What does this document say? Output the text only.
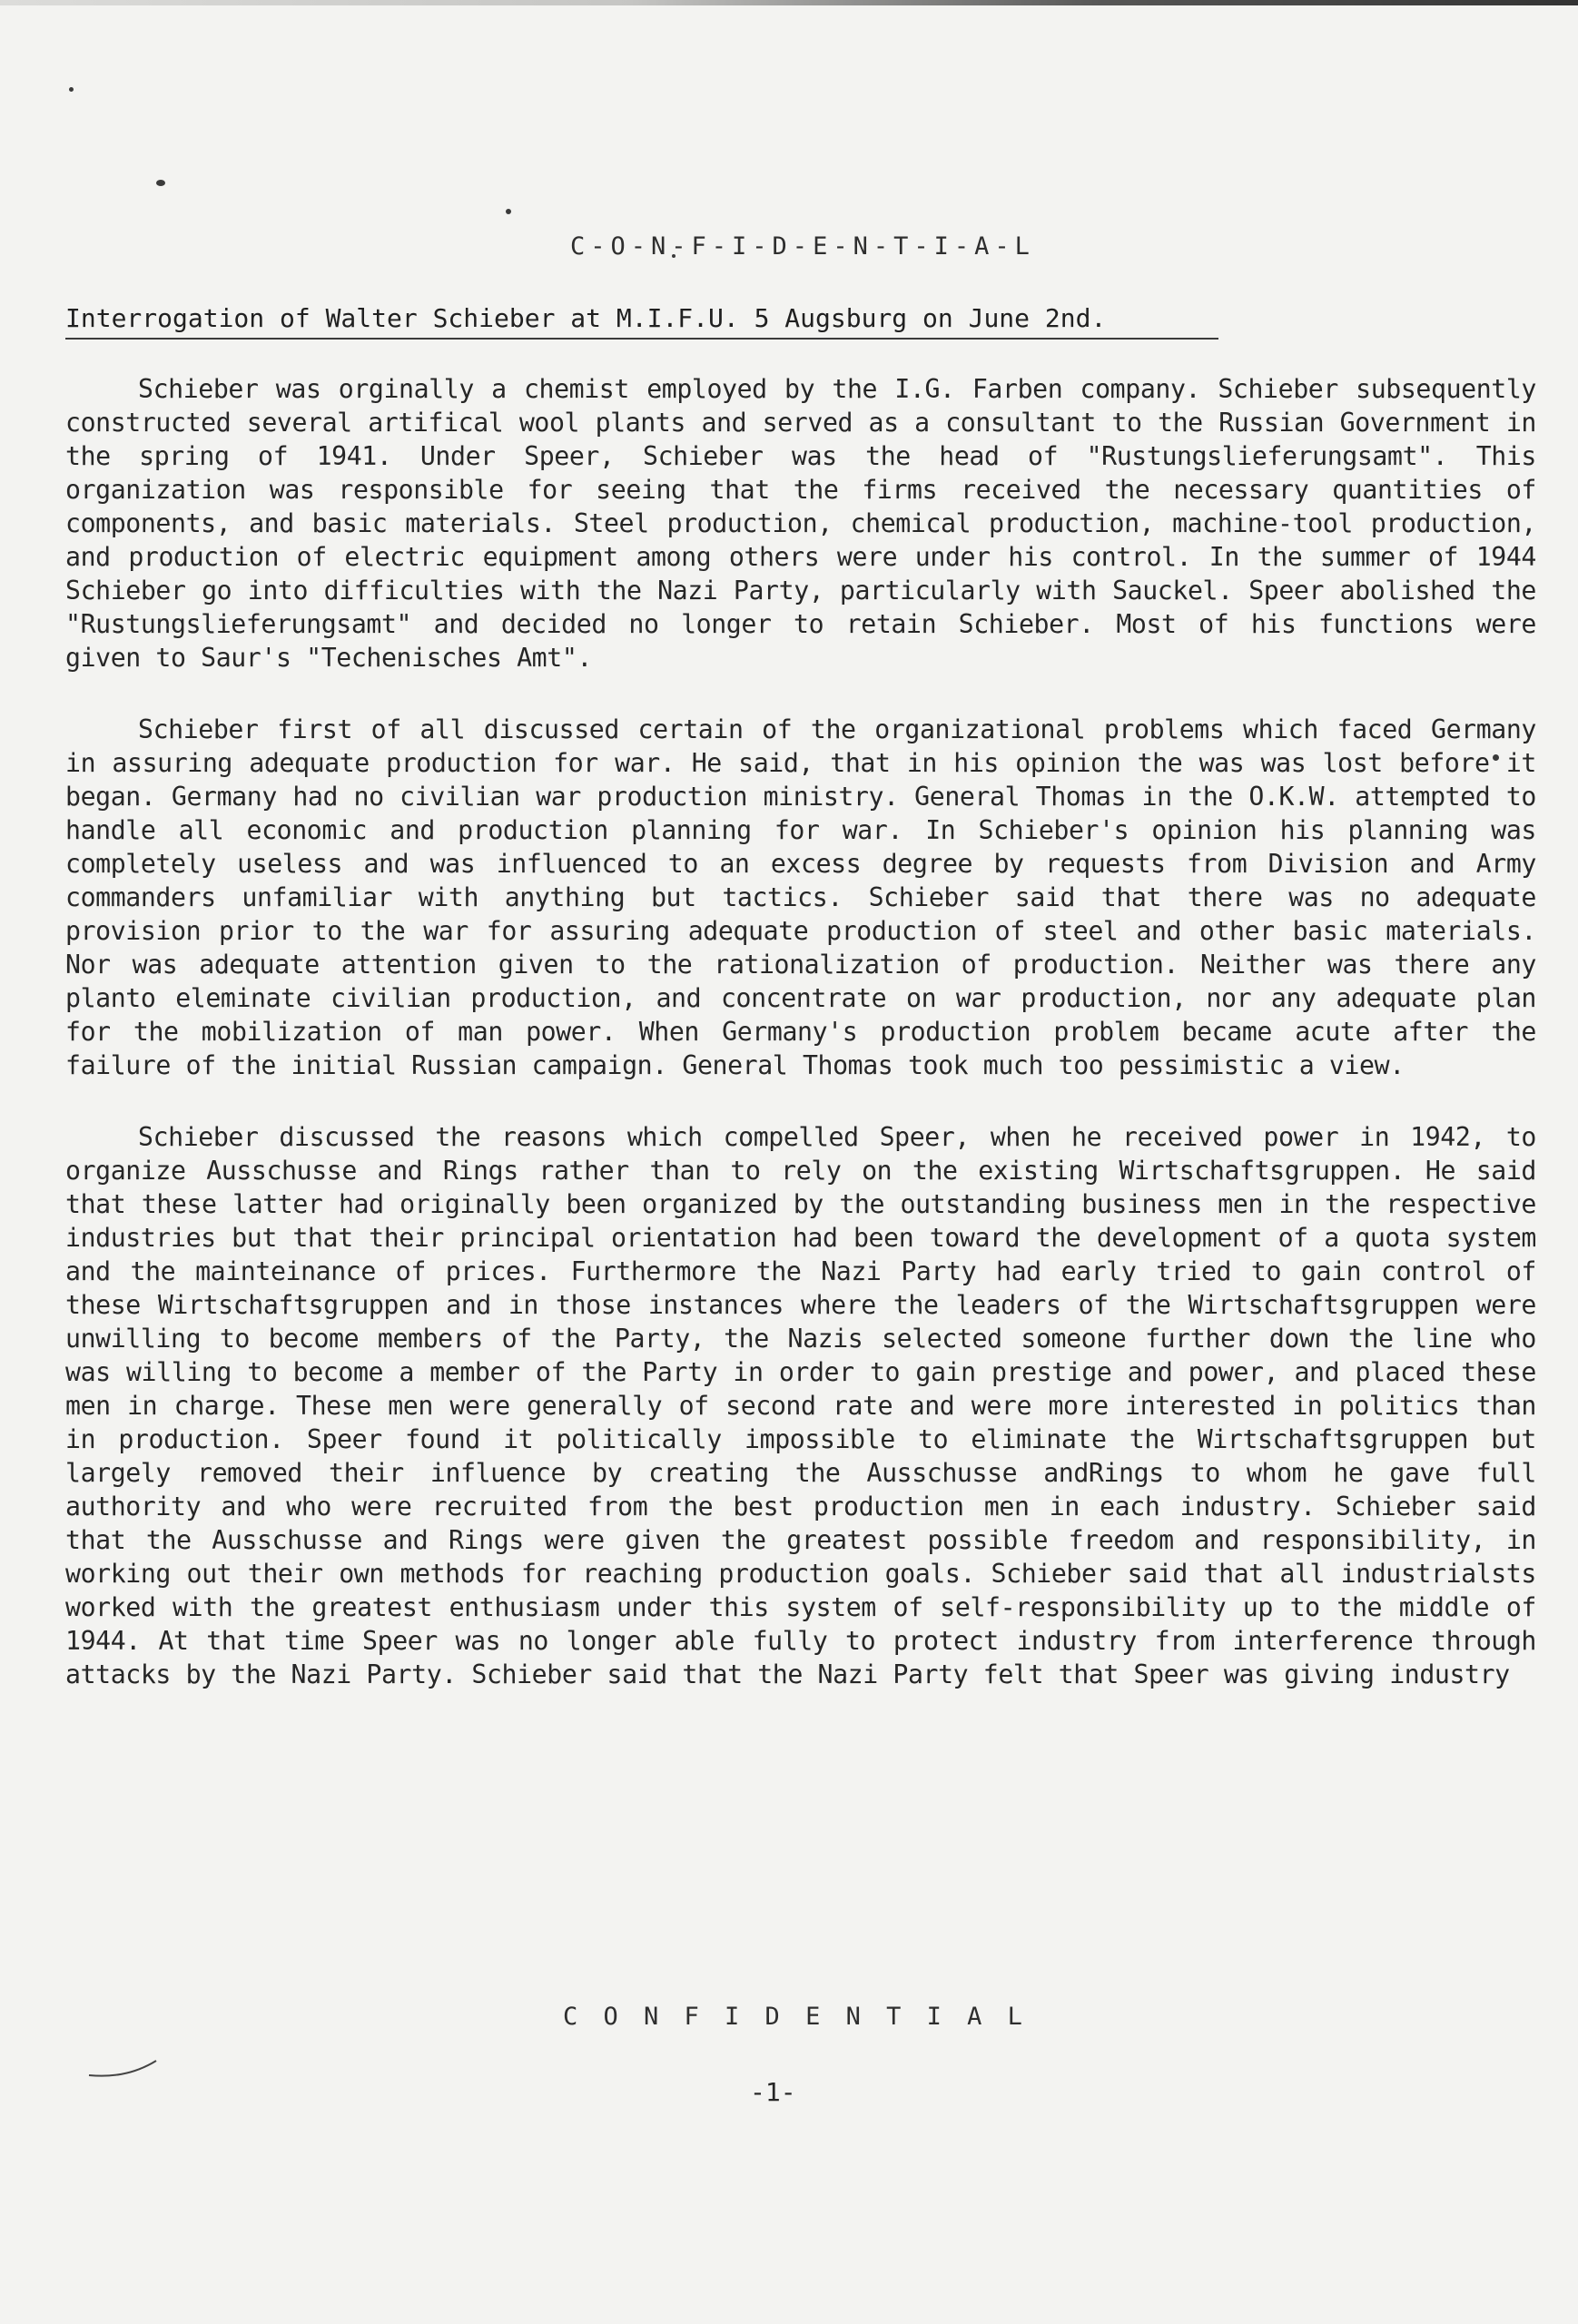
C-O-N-F-I-D-E-N-T-I-A-L
Interrogation of Walter Schieber at M.I.F.U. 5 Augsburg on June 2nd.

Schieber was orginally a chemist employed by the I.G. Farben company. Schieber subsequently constructed several artifical wool plants and served as a consultant to the Russian Government in the spring of 1941. Under Speer, Schieber was the head of "Rustungslieferungsamt". This organization was responsible for seeing that the firms received the necessary quantities of components, and basic materials. Steel production, chemical production, machine-tool production, and production of electric equipment among others were under his control. In the summer of 1944 Schieber go into difficulties with the Nazi Party, particularly with Sauckel. Speer abolished the "Rustungslieferungsamt" and decided no longer to retain Schieber. Most of his functions were given to Saur's "Techenisches Amt".

Schieber first of all discussed certain of the organizational problems which faced Germany in assuring adequate production for war. He said, that in his opinion the was was lost before it began. Germany had no civilian war production ministry. General Thomas in the O.K.W. attempted to handle all economic and production planning for war. In Schieber's opinion his planning was completely useless and was influenced to an excess degree by requests from Division and Army commanders unfamiliar with anything but tactics. Schieber said that there was no adequate provision prior to the war for assuring adequate production of steel and other basic materials. Nor was adequate attention given to the rationalization of production. Neither was there any planto eleminate civilian production, and concentrate on war production, nor any adequate plan for the mobilization of man power. When Germany's production problem became acute after the failure of the initial Russian campaign. General Thomas took much too pessimistic a view.

Schieber discussed the reasons which compelled Speer, when he received power in 1942, to organize Ausschusse and Rings rather than to rely on the existing Wirtschaftsgruppen. He said that these latter had originally been organized by the outstanding business men in the respective industries but that their principal orientation had been toward the development of a quota system and the mainteinance of prices. Furthermore the Nazi Party had early tried to gain control of these Wirtschaftsgruppen and in those instances where the leaders of the Wirtschaftsgruppen were unwilling to become members of the Party, the Nazis selected someone further down the line who was willing to become a member of the Party in order to gain prestige and power, and placed these men in charge. These men were generally of second rate and were more interested in politics than in production. Speer found it politically impossible to eliminate the Wirtschaftsgruppen but largely removed their influence by creating the Ausschusse andRings to whom he gave full authority and who were recruited from the best production men in each industry. Schieber said that the Ausschusse and Rings were given the greatest possible freedom and responsibility, in working out their own methods for reaching production goals. Schieber said that all industrialsts worked with the greatest enthusiasm under this system of self-responsibility up to the middle of 1944. At that time Speer was no longer able fully to protect industry from interference through attacks by the Nazi Party. Schieber said that the Nazi Party felt that Speer was giving industry

C O N F I D E N T I A L
-1-
